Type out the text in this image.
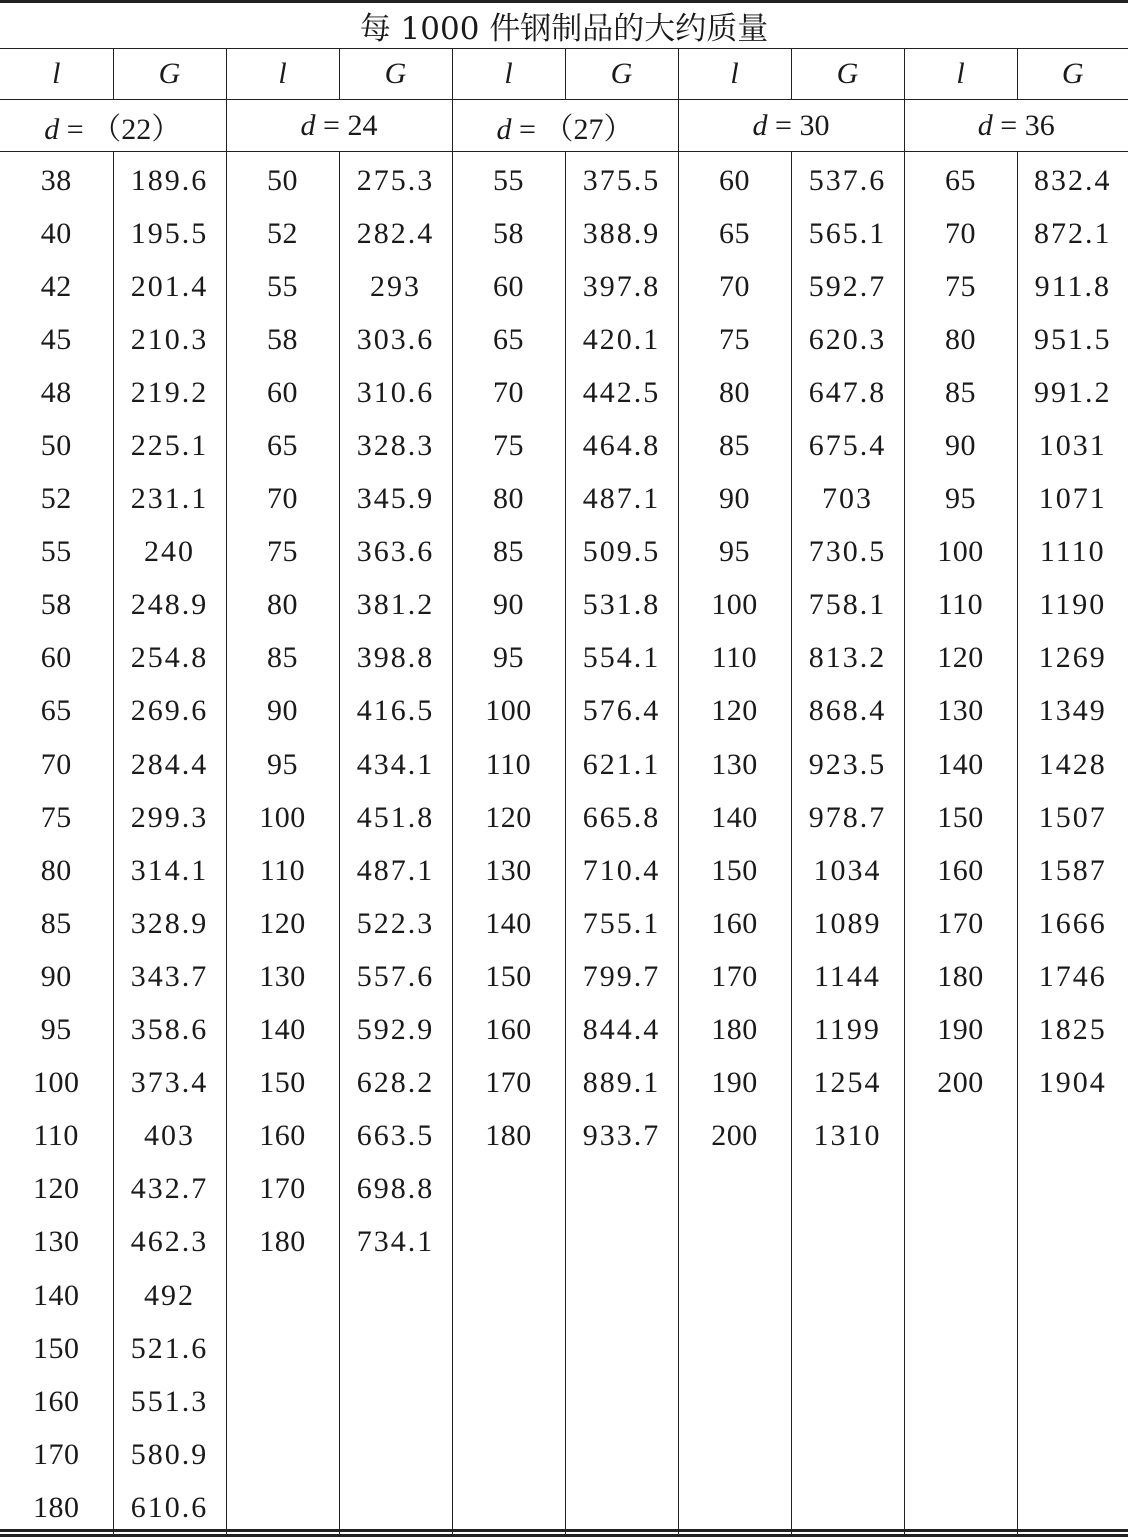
每 1000 件钢制品的大约质量									
l	G	l	G	l	G	l	G	l	G
d = （22）		d = 24		d = （27）		d = 30		d = 36	
38	189.6	50	275.3	55	375.5	60	537.6	65	832.4
40	195.5	52	282.4	58	388.9	65	565.1	70	872.1
42	201.4	55	293	60	397.8	70	592.7	75	911.8
45	210.3	58	303.6	65	420.1	75	620.3	80	951.5
48	219.2	60	310.6	70	442.5	80	647.8	85	991.2
50	225.1	65	328.3	75	464.8	85	675.4	90	1031
52	231.1	70	345.9	80	487.1	90	703	95	1071
55	240	75	363.6	85	509.5	95	730.5	100	1110
58	248.9	80	381.2	90	531.8	100	758.1	110	1190
60	254.8	85	398.8	95	554.1	110	813.2	120	1269
65	269.6	90	416.5	100	576.4	120	868.4	130	1349
70	284.4	95	434.1	110	621.1	130	923.5	140	1428
75	299.3	100	451.8	120	665.8	140	978.7	150	1507
80	314.1	110	487.1	130	710.4	150	1034	160	1587
85	328.9	120	522.3	140	755.1	160	1089	170	1666
90	343.7	130	557.6	150	799.7	170	1144	180	1746
95	358.6	140	592.9	160	844.4	180	1199	190	1825
100	373.4	150	628.2	170	889.1	190	1254	200	1904
110	403	160	663.5	180	933.7	200	1310		
120	432.7	170	698.8						
130	462.3	180	734.1						
140	492								
150	521.6								
160	551.3								
170	580.9								
180	610.6								
